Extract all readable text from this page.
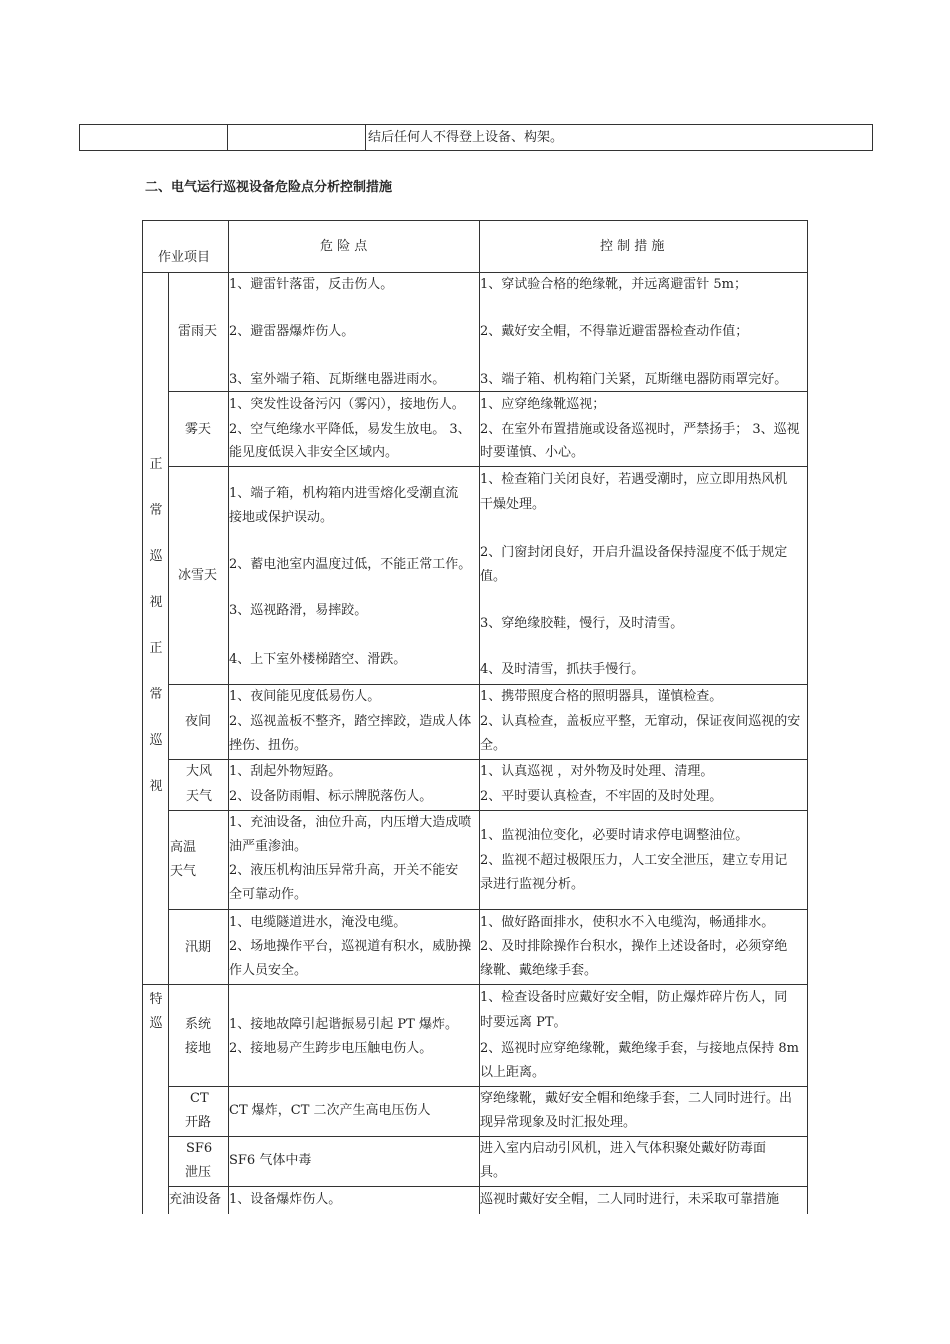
结后任何人不得登上设备、构架。
二、电气运行巡视设备危险点分析控制措施
作业项目
危 险 点	控 制 措 施
正
常
巡
视
正
常
巡
视
特
巡
雷雨天
1、避雷针落雷，反击伤人。
2、避雷器爆炸伤人。
3、室外端子箱、瓦斯继电器进雨水。
1、穿试验合格的绝缘靴，并远离避雷针 5m；
2、戴好安全帽，不得靠近避雷器检查动作值；
3、端子箱、机构箱门关紧，瓦斯继电器防雨罩完好。
雾天
1、突发性设备污闪（雾闪），接地伤人。
2、空气绝缘水平降低，易发生放电。 3、
能见度低误入非安全区域内。
1、应穿绝缘靴巡视；
2、在室外布置措施或设备巡视时，严禁扬手； 3、巡视
时要谨慎、小心。
冰雪天
1、端子箱，机构箱内进雪熔化受潮直流
接地或保护误动。
2、蓄电池室内温度过低，不能正常工作。
3、巡视路滑，易摔跤。
4、上下室外楼梯踏空、滑跌。
1、检查箱门关闭良好，若遇受潮时，应立即用热风机
干燥处理。
2、门窗封闭良好，开启升温设备保持湿度不低于规定
值。
3、穿绝缘胶鞋，慢行，及时清雪。
4、及时清雪，抓扶手慢行。
夜间
1、夜间能见度低易伤人。
2、巡视盖板不整齐，踏空摔跤，造成人体
挫伤、扭伤。
1、携带照度合格的照明器具，谨慎检查。
2、认真检查，盖板应平整，无窜动，保证夜间巡视的安
全。
大风
天气
1、刮起外物短路。
2、设备防雨帽、标示牌脱落伤人。
1、认真巡视 ，对外物及时处理、清理。
2、平时要认真检查，不牢固的及时处理。
高温
天气
1、充油设备，油位升高，内压增大造成喷
油严重渗油。
2、液压机构油压异常升高，开关不能安
全可靠动作。
1、监视油位变化，必要时请求停电调整油位。
2、监视不超过极限压力，人工安全泄压，建立专用记
录进行监视分析。
汛期
1、电缆隧道进水，淹没电缆。
2、场地操作平台，巡视道有积水，威胁操
作人员安全。
1、做好路面排水，使积水不入电缆沟，畅通排水。
2、及时排除操作台积水，操作上述设备时，必须穿绝
缘靴、戴绝缘手套。
系统
接地
1、接地故障引起谐振易引起 PT 爆炸。
2、接地易产生跨步电压触电伤人。
1、检查设备时应戴好安全帽，防止爆炸碎片伤人，同
时要远离 PT。
2、巡视时应穿绝缘靴，戴绝缘手套，与接地点保持 8m
以上距离。
CT
开路
CT 爆炸，CT 二次产生高电压伤人
穿绝缘靴，戴好安全帽和绝缘手套，二人同时进行。出
现异常现象及时汇报处理。
SF6
泄压
SF6 气体中毒
进入室内启动引风机，进入气体积聚处戴好防毒面
具。
充油设备 1、设备爆炸伤人。	巡视时戴好安全帽，二人同时进行，未采取可靠措施
